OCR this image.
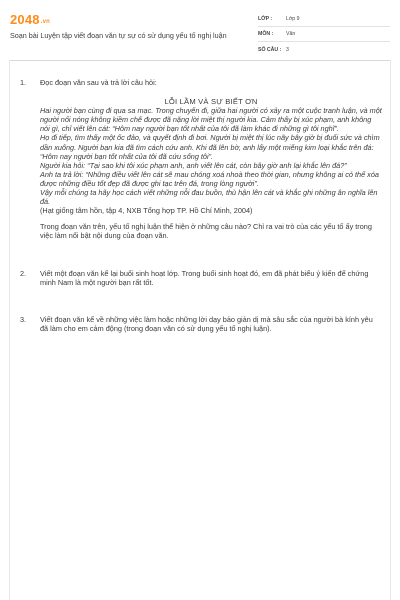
2048.vn
Soạn bài Luyện tập viết đoạn văn tự sự có sử dụng yếu tố nghị luận
LỚP :	Lớp 9
MÔN :	Văn
SỐ CÂU : 3
1. Đọc đoạn văn sau và trả lời câu hỏi:
LỖI LẦM VÀ SỰ BIẾT ƠN
Hai người bạn cùng đi qua sa mạc. Trong chuyến đi, giữa hai người có xảy ra một cuộc tranh luận, và một người nổi nóng không kiềm chế được đã nặng lời miệt thị người kia. Cảm thấy bị xúc phạm, anh không nói gì, chỉ viết lên cát: “Hôm nay người bạn tốt nhất của tôi đã làm khác đi những gì tôi nghĩ”.
Họ đi tiếp, tìm thấy một ốc đảo, và quyết định đi bơi. Người bị miệt thị lúc nãy bây giờ bị đuối sức và chìm dần xuống. Người bạn kia đã tìm cách cứu anh. Khi đã lên bờ, anh lấy một miếng kim loại khắc trên đá: “Hôm nay người bạn tốt nhất của tôi đã cứu sống tôi”.
Người kia hỏi: “Tại sao khi tôi xúc phạm anh, anh viết lên cát, còn bây giờ anh lại khắc lên đá?”
Anh ta trả lời: “Những điều viết lên cát sẽ mau chóng xoá nhoà theo thời gian, nhưng không ai có thể xóa được những điều tốt đẹp đã được ghi tạc trên đá, trong lòng người”.
Vậy mỗi chúng ta hãy học cách viết những nỗi đau buồn, thù hận lên cát và khắc ghi những ân nghĩa lên đá.
(Hạt giống tâm hồn, tập 4, NXB Tổng hợp TP. Hồ Chí Minh, 2004)
Trong đoạn văn trên, yếu tố nghị luận thể hiện ở những câu nào? Chỉ ra vai trò của các yếu tố ấy trong việc làm nổi bật nội dung của đoạn văn.
2. Viết một đoạn văn kể lại buổi sinh hoạt lớp. Trong buổi sinh hoạt đó, em đã phát biểu ý kiến để chứng minh Nam là một người bạn rất tốt.
3. Viết đoạn văn kể về những việc làm hoặc những lời dạy bảo giản dị mà sâu sắc của người bà kính yêu đã làm cho em cảm động (trong đoạn văn có sử dụng yếu tố nghị luận).
